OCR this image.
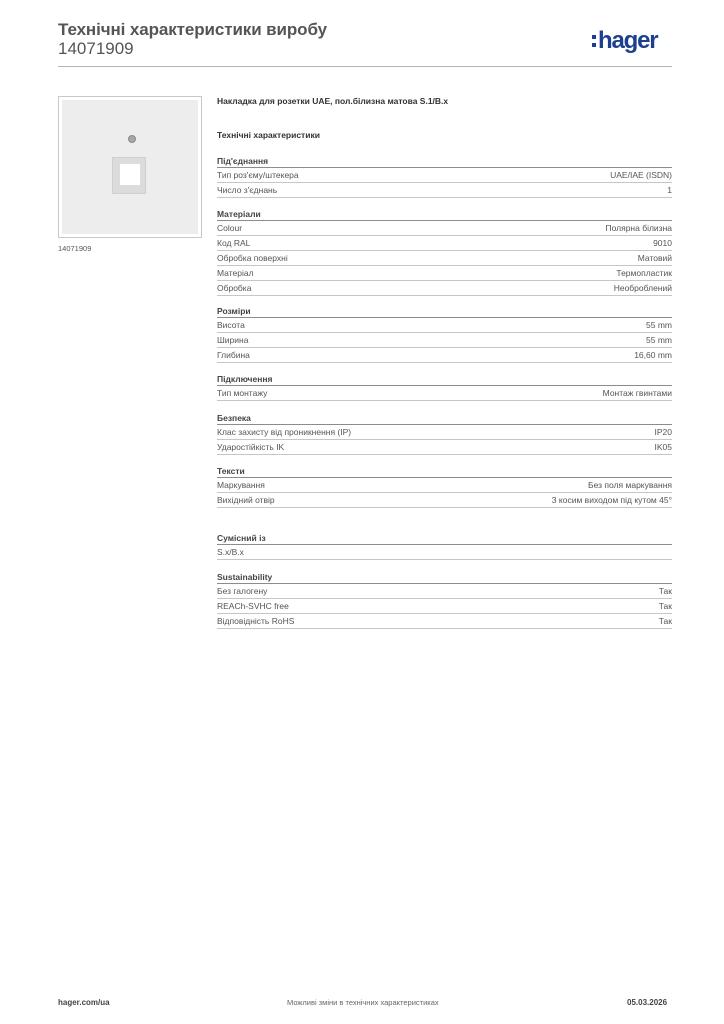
Технічні характеристики виробу
14071909	hager
14071909
Накладка для розетки UAE, пол.білизна матова S.1/B.x
Технічні характеристики
Під'єднання
Тип роз'єму/штекера	UAE/IAE (ISDN)
Число з'єднань	1
Матеріали
Colour	Полярна білизна
Код RAL	9010
Обробка поверхні	Матовий
Матеріал	Термопластик
Обробка	Необроблений
Розміри
Висота	55 mm
Ширина	55 mm
Глибина	16,60 mm
Підключення
Тип монтажу	Монтаж гвинтами
Безпека
Клас захисту від проникнення (IP)	IP20
Ударостійкість IK	IK05
Тексти
Маркування	Без поля маркування
Вихідний отвір	З косим виходом під кутом 45°
Сумісний із
S.x/B.x
Sustainability
Без галогену	Так
REACh-SVHC free	Так
Відповідність RoHS	Так
hager.com/ua	Можливі зміни в технічних характеристиках	05.03.2026
